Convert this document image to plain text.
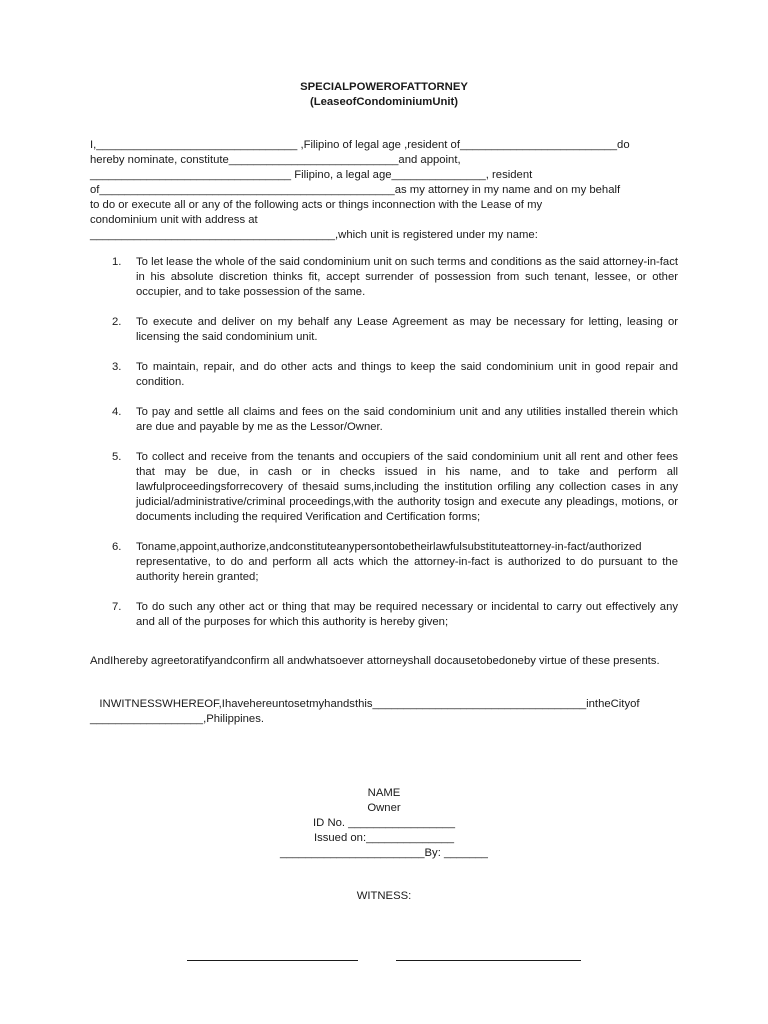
SPECIALPOWEROFATTORNEY
(LeaseofCondominiumUnit)
I,________________________________ ,Filipino of legal age ,resident of_________________________do
hereby nominate, constitute___________________________and appoint,
________________________________ Filipino, a legal age_______________, resident
of_______________________________________________as my attorney in my name and on my behalf
to do or execute all or any of the following acts or things inconnection with the Lease of my
condominium unit with address at
_______________________________________,which unit is registered under my name:
1. To let lease the whole of the said condominium unit on such terms and conditions as the said attorney-in-fact in his absolute discretion thinks fit, accept surrender of possession from such tenant, lessee, or other occupier, and to take possession of the same.
2. To execute and deliver on my behalf any Lease Agreement as may be necessary for letting, leasing or licensing the said condominium unit.
3. To maintain, repair, and do other acts and things to keep the said condominium unit in good repair and condition.
4. To pay and settle all claims and fees on the said condominium unit and any utilities installed therein which are due and payable by me as the Lessor/Owner.
5. To collect and receive from the tenants and occupiers of the said condominium unit all rent and other fees that may be due, in cash or in checks issued in his name, and to take and perform all lawfulproceedingsforrecovery of thesaid sums,including the institution orfiling any collection cases in any judicial/administrative/criminal proceedings,with the authority tosign and execute any pleadings, motions, or documents including the required Verification and Certification forms;
6. Toname,appoint,authorize,andconstituteanypersontobetheirlawfulsubstituteattorney-in-fact/authorized representative, to do and perform all acts which the attorney-in-fact is authorized to do pursuant to the authority herein granted;
7. To do such any other act or thing that may be required necessary or incidental to carry out effectively any and all of the purposes for which this authority is hereby given;
AndIhereby agreetoratifyandconfirm all andwhatsoever attorneyshall docausetobedoneby virtue of these presents.
INWITNESSWHEREOF,Ihavehereuntosetmyhandsthis__________________________________intheCityof
__________________,Philippines.
NAME
Owner
ID No. _________________
Issued on:______________
_______________________By: _______
WITNESS:
